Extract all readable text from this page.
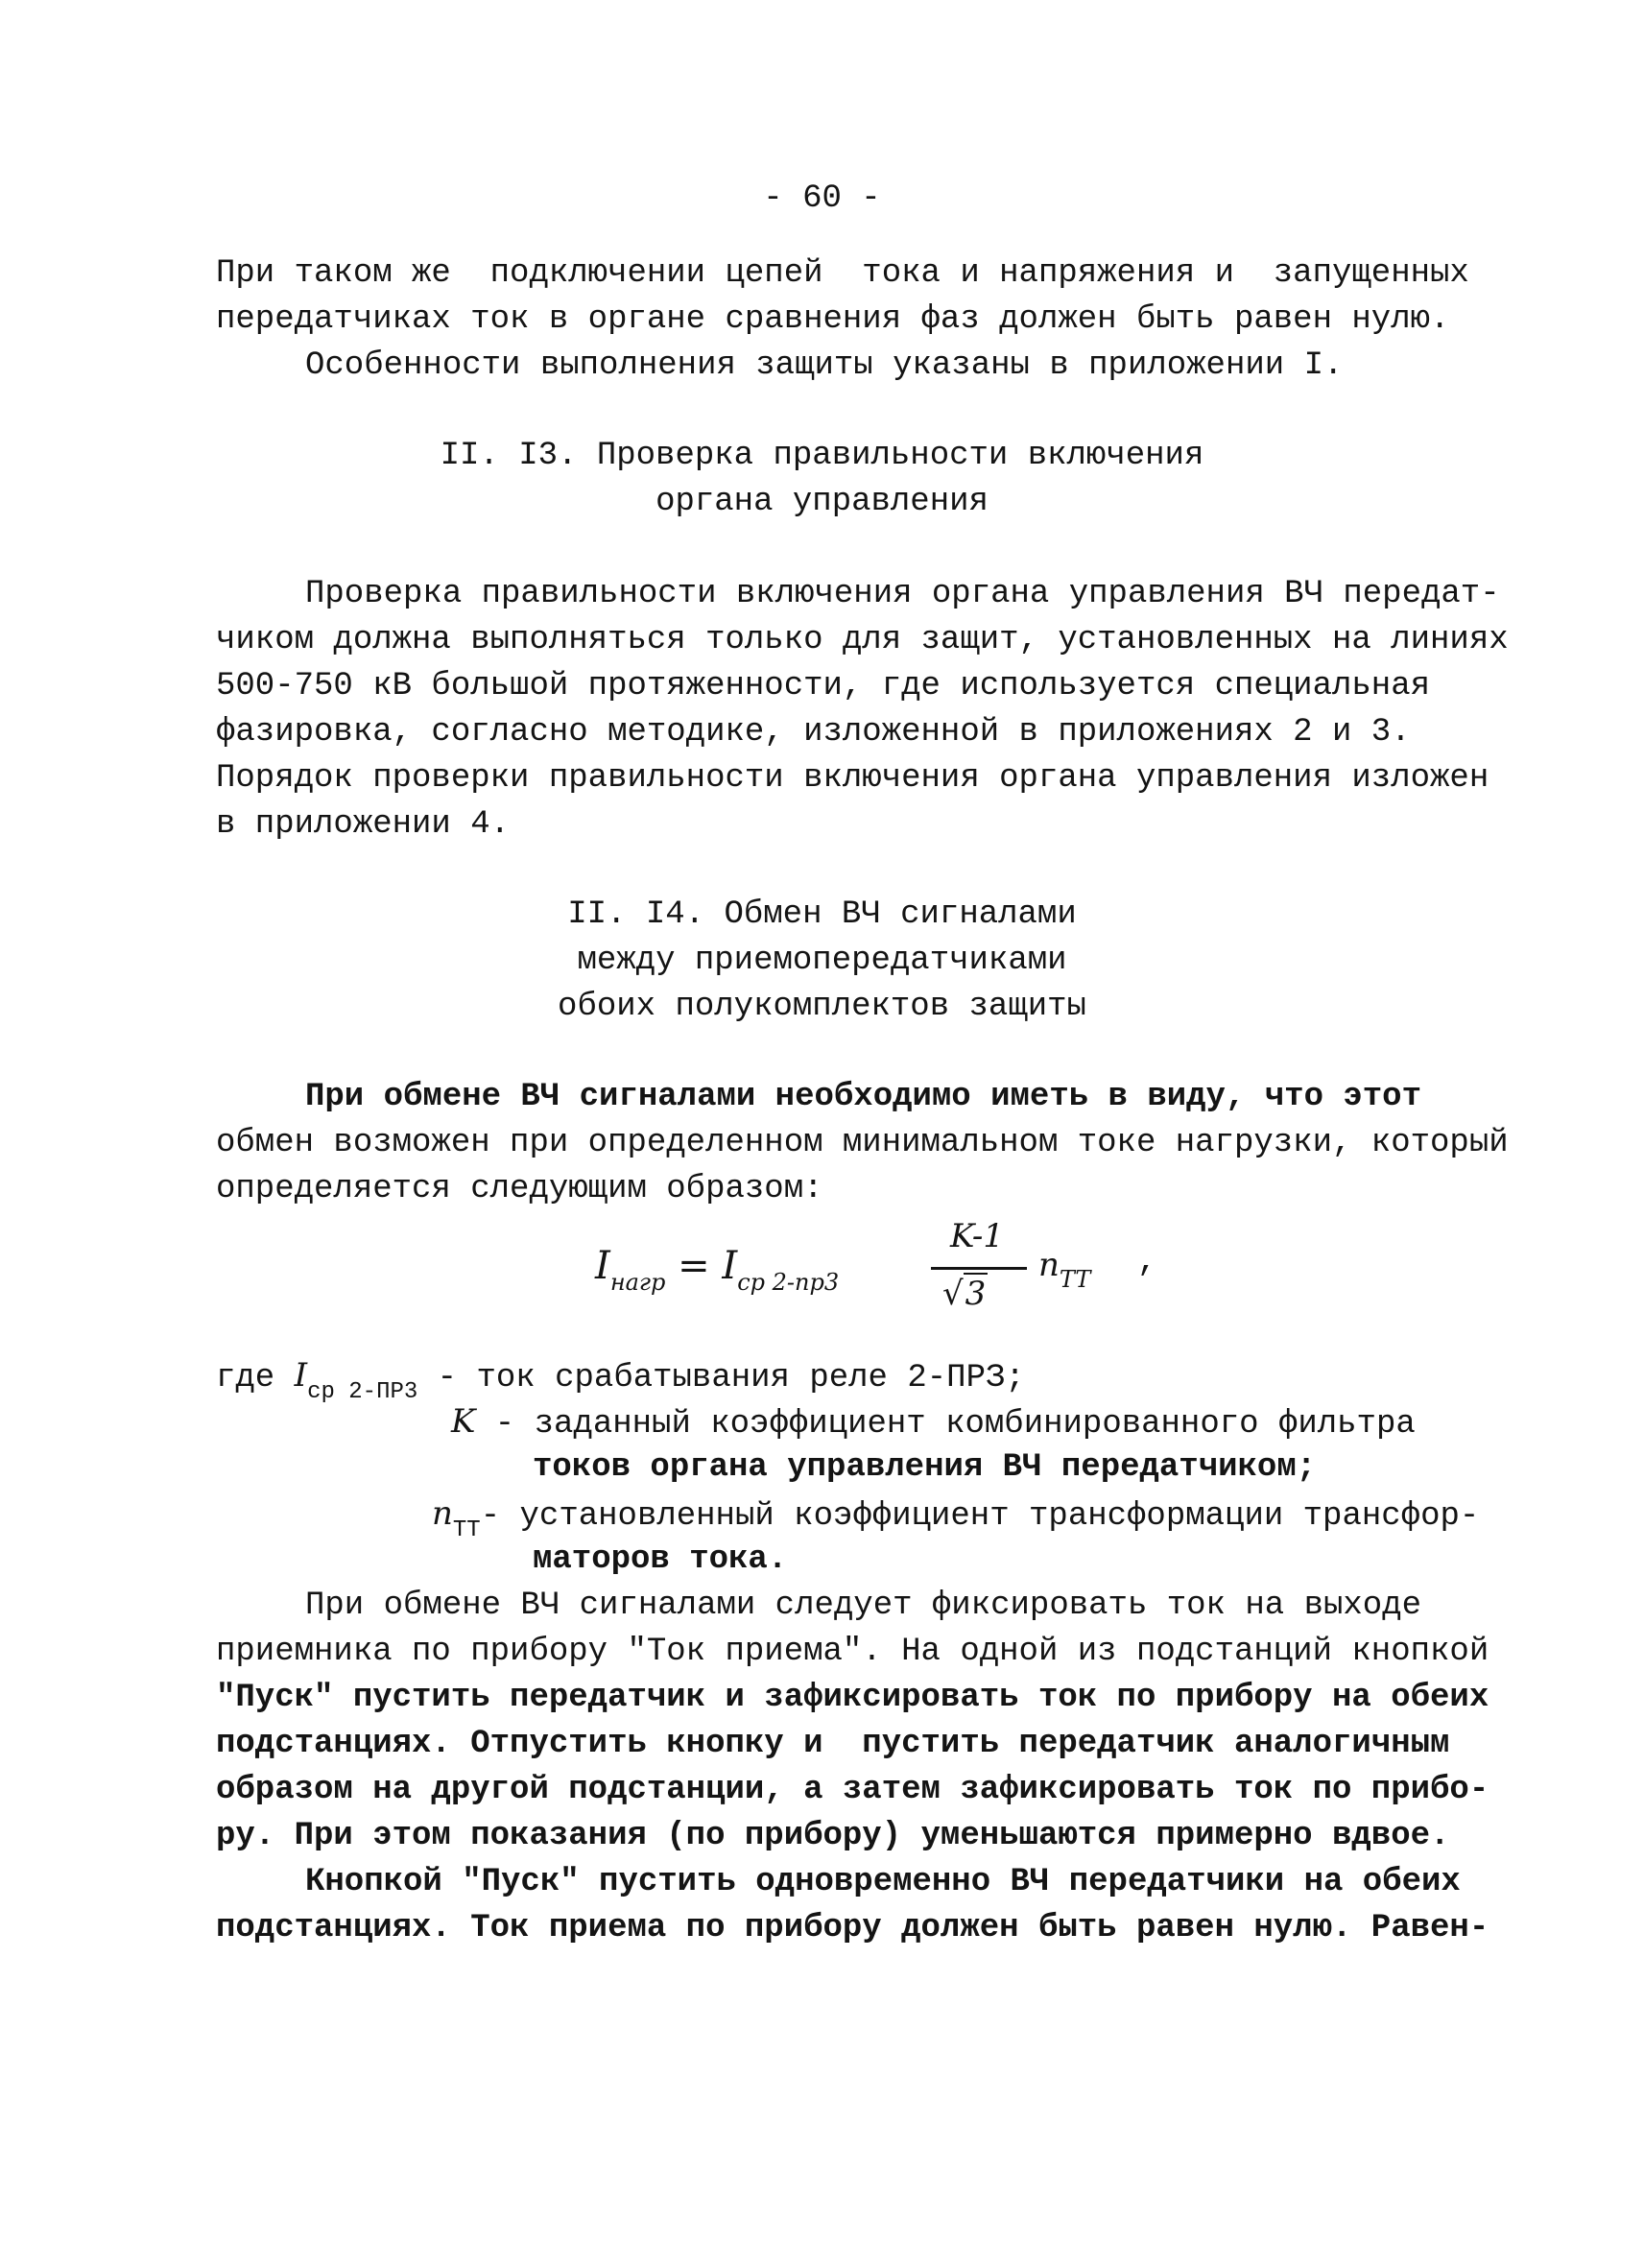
- 60 -
При таком же  подключении цепей  тока и напряжения и  запущенных
передатчиках ток в органе сравнения фаз должен быть равен нулю.
Особенности выполнения защиты указаны в приложении I.
II. I3. Проверка правильности включения
органа управления
Проверка правильности включения органа управления ВЧ передат-
чиком должна выполняться только для защит, установленных на линиях
500-750 кВ большой протяженности, где используется специальная
фазировка, согласно методике, изложенной в приложениях 2 и 3.
Порядок проверки правильности включения органа управления изложен
в приложении 4.
II. I4. Обмен ВЧ сигналами
между приемопередатчиками
обоих полукомплектов защиты
При обмене ВЧ сигналами необходимо иметь в виду, что этот
обмен возможен при определенном минимальном токе нагрузки, который
определяется следующим образом:
$I_{нагр} = I_{ср 2-пр3}$
K-1
√3
$n_{TT}$ ,
где $I_{ср 2-ПР3}$ - ток срабатывания реле 2-ПРЗ;
K - заданный коэффициент комбинированного фильтра
токов органа управления ВЧ передатчиком;
$n_{TT}-$ установленный коэффициент трансформации трансфор-
маторов тока.
При обмене ВЧ сигналами следует фиксировать ток на выходе
приемника по прибору "Ток приема". На одной из подстанций кнопкой
"Пуск" пустить передатчик и зафиксировать ток по прибору на обеих
подстанциях. Отпустить кнопку и  пустить передатчик аналогичным
образом на другой подстанции, а затем зафиксировать ток по прибо-
ру. При этом показания (по прибору) уменьшаются примерно вдвое.
Кнопкой "Пуск" пустить одновременно ВЧ передатчики на обеих
подстанциях. Ток приема по прибору должен быть равен нулю. Равен-
